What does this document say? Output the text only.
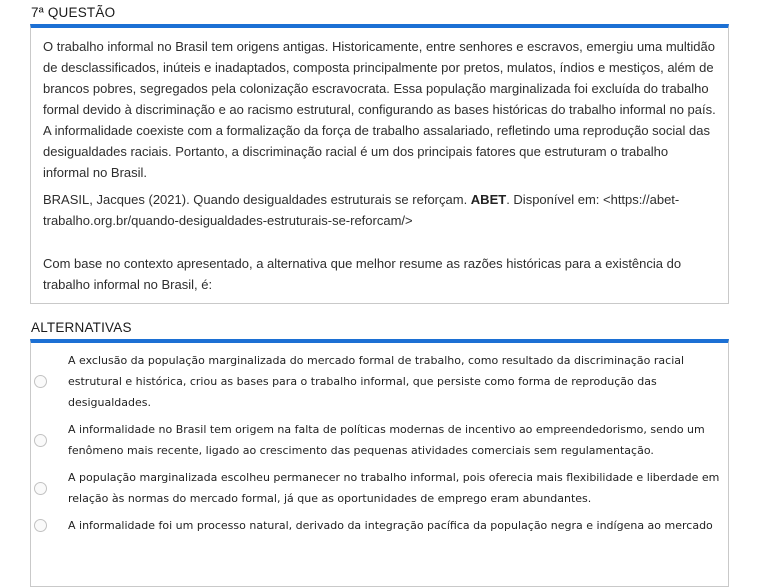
7ª QUESTÃO

O trabalho informal no Brasil tem origens antigas. Historicamente, entre senhores e escravos, emergiu uma multidão de desclassificados, inúteis e inadaptados, composta principalmente por pretos, mulatos, índios e mestiços, além de brancos pobres, segregados pela colonização escravocrata. Essa população marginalizada foi excluída do trabalho formal devido à discriminação e ao racismo estrutural, configurando as bases históricas do trabalho informal no país. A informalidade coexiste com a formalização da força de trabalho assalariado, refletindo uma reprodução social das desigualdades raciais. Portanto, a discriminação racial é um dos principais fatores que estruturam o trabalho informal no Brasil.

BRASIL, Jacques (2021). Quando desigualdades estruturais se reforçam. ABET. Disponível em: <https://abet-trabalho.org.br/quando-desigualdades-estruturais-se-reforcam/>

Com base no contexto apresentado, a alternativa que melhor resume as razões históricas para a existência do trabalho informal no Brasil, é:

ALTERNATIVAS
A exclusão da população marginalizada do mercado formal de trabalho, como resultado da discriminação racial estrutural e histórica, criou as bases para o trabalho informal, que persiste como forma de reprodução das desigualdades.
A informalidade no Brasil tem origem na falta de políticas modernas de incentivo ao empreendedorismo, sendo um fenômeno mais recente, ligado ao crescimento das pequenas atividades comerciais sem regulamentação.
A população marginalizada escolheu permanecer no trabalho informal, pois oferecia mais flexibilidade e liberdade em relação às normas do mercado formal, já que as oportunidades de emprego eram abundantes.
A informalidade foi um processo natural, derivado da integração pacífica da população negra e indígena ao mercado
